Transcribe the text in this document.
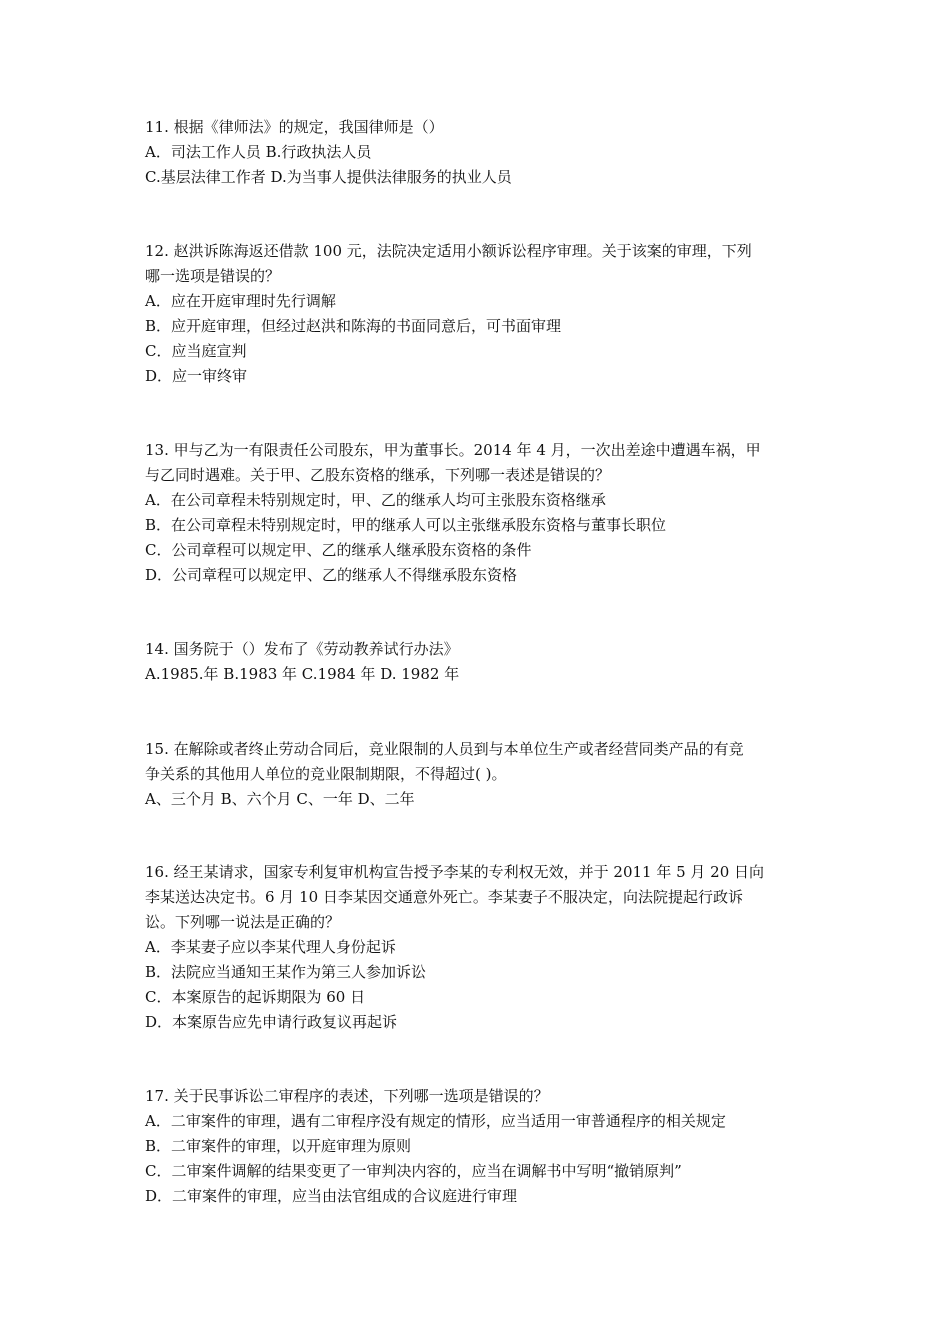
11. 根据《律师法》的规定，我国律师是（）
A．司法工作人员 B.行政执法人员
C.基层法律工作者 D.为当事人提供法律服务的执业人员
12. 赵洪诉陈海返还借款 100 元，法院决定适用小额诉讼程序审理。关于该案的审理，下列
哪一选项是错误的？
A．应在开庭审理时先行调解
B．应开庭审理，但经过赵洪和陈海的书面同意后，可书面审理
C．应当庭宣判
D．应一审终审
13. 甲与乙为一有限责任公司股东，甲为董事长。2014 年 4 月，一次出差途中遭遇车祸，甲
与乙同时遇难。关于甲、乙股东资格的继承，下列哪一表述是错误的？
A．在公司章程未特别规定时，甲、乙的继承人均可主张股东资格继承
B．在公司章程未特别规定时，甲的继承人可以主张继承股东资格与董事长职位
C．公司章程可以规定甲、乙的继承人继承股东资格的条件
D．公司章程可以规定甲、乙的继承人不得继承股东资格
14. 国务院于（）发布了《劳动教养试行办法》
A.1985.年 B.1983 年 C.1984 年 D. 1982 年
15. 在解除或者终止劳动合同后，竞业限制的人员到与本单位生产或者经营同类产品的有竞
争关系的其他用人单位的竞业限制期限，不得超过( )。
A、三个月 B、六个月 C、一年 D、二年
16. 经王某请求，国家专利复审机构宣告授予李某的专利权无效，并于 2011 年 5 月 20 日向
李某送达决定书。6 月 10 日李某因交通意外死亡。李某妻子不服决定，向法院提起行政诉
讼。下列哪一说法是正确的？
A．李某妻子应以李某代理人身份起诉
B．法院应当通知王某作为第三人参加诉讼
C．本案原告的起诉期限为 60 日
D．本案原告应先申请行政复议再起诉
17. 关于民事诉讼二审程序的表述，下列哪一选项是错误的？
A．二审案件的审理，遇有二审程序没有规定的情形，应当适用一审普通程序的相关规定
B．二审案件的审理，以开庭审理为原则
C．二审案件调解的结果变更了一审判决内容的，应当在调解书中写明“撤销原判”
D．二审案件的审理，应当由法官组成的合议庭进行审理
